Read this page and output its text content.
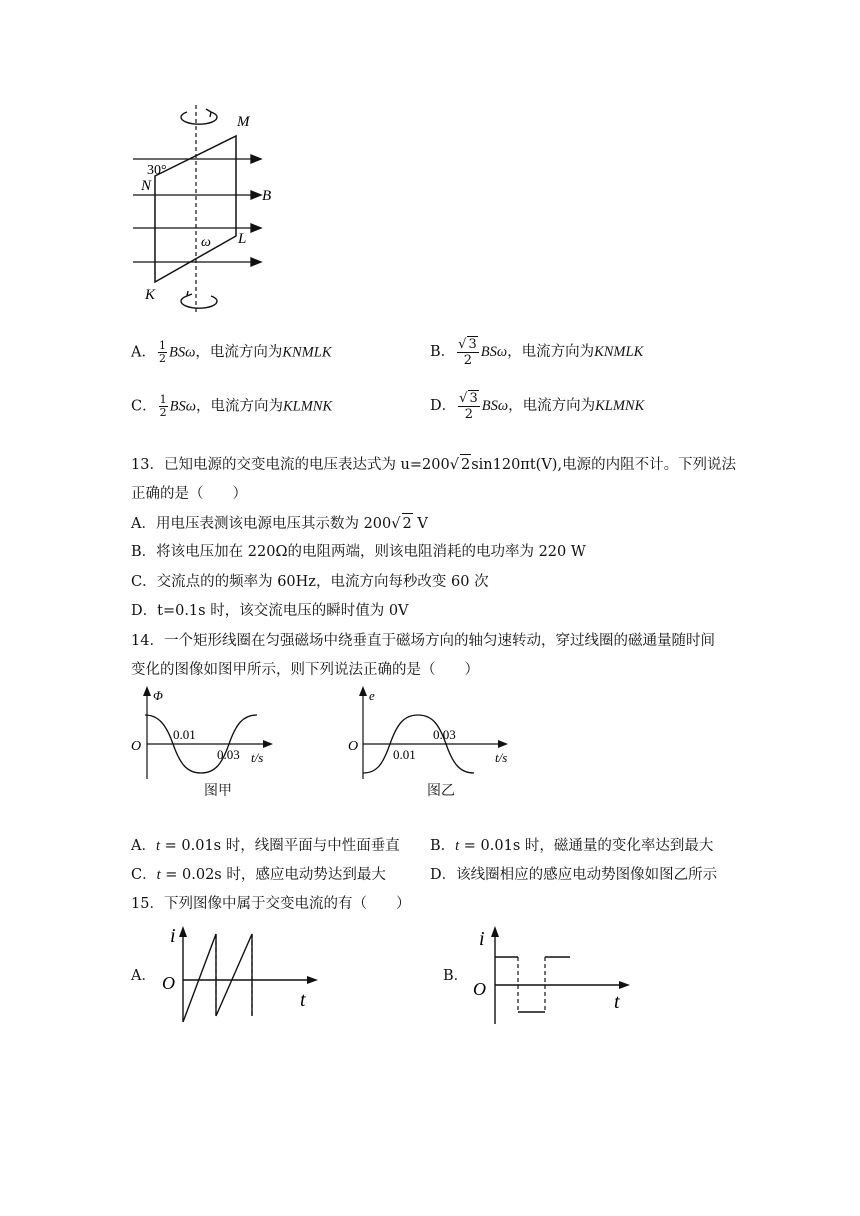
M
N
B
L
K
30°
ω
A． $\frac{1}{2}$ BSω，电流方向为KNMLK	B． $\frac{√ 3}{2}$ BSω，电流方向为KNMLK
C． $\frac{1}{2}$ BSω，电流方向为KLMNK	D． $\frac{√ 3}{2}$ BSω，电流方向为KLMNK
13．已知电源的交变电流的电压表达式为 u=200√ 2sin120πt(V),电源的内阻不计。下列说法
正确的是（　　）
A．用电压表测该电源电压其示数为 200√ 2 V
B．将该电压加在 220Ω的电阻两端，则该电阻消耗的电功率为 220 W
C．交流点的的频率为 60Hz，电流方向每秒改变 60 次
D．t=0.1s 时，该交流电压的瞬时值为 0V
14．一个矩形线圈在匀强磁场中绕垂直于磁场方向的轴匀速转动，穿过线圈的磁通量随时间
变化的图像如图甲所示，则下列说法正确的是（　　）
Φ
O
0.01
0.03 t/s
图甲
e
O
0.01
0.03
t/s
图乙
A．t = 0.01s 时，线圈平面与中性面垂直 B．t = 0.01s 时，磁通量的变化率达到最大
C．t = 0.02s 时，感应电动势达到最大	D．该线圈相应的感应电动势图像如图乙所示
15．下列图像中属于交变电流的有（　　）
A．
i
O
t
B．
i
O
t
